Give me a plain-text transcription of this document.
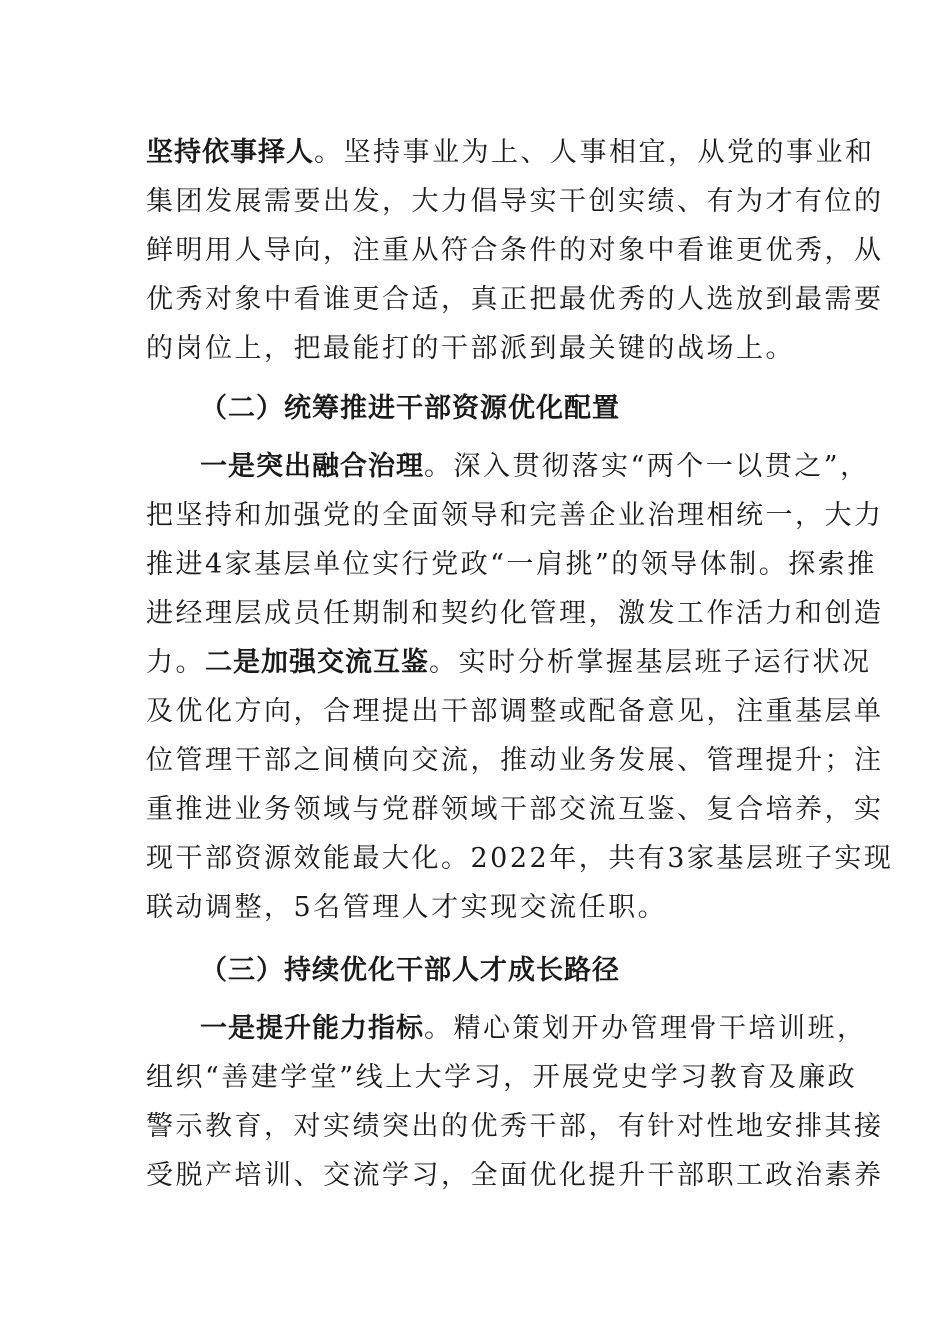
坚持依事择人。坚持事业为上、人事相宜，从党的事业和
集团发展需要出发，大力倡导实干创实绩、有为才有位的
鲜明用人导向，注重从符合条件的对象中看谁更优秀，从
优秀对象中看谁更合适，真正把最优秀的人选放到最需要
的岗位上，把最能打的干部派到最关键的战场上。
（二）统筹推进干部资源优化配置
一是突出融合治理。深入贯彻落实“两个一以贯之”，
把坚持和加强党的全面领导和完善企业治理相统一，大力
推进4家基层单位实行党政“一肩挑”的领导体制。探索推
进经理层成员任期制和契约化管理，激发工作活力和创造
力。二是加强交流互鉴。实时分析掌握基层班子运行状况
及优化方向，合理提出干部调整或配备意见，注重基层单
位管理干部之间横向交流，推动业务发展、管理提升；注
重推进业务领域与党群领域干部交流互鉴、复合培养，实
现干部资源效能最大化。2022年，共有3家基层班子实现
联动调整，5名管理人才实现交流任职。
（三）持续优化干部人才成长路径
一是提升能力指标。精心策划开办管理骨干培训班，
组织“善建学堂”线上大学习，开展党史学习教育及廉政
警示教育，对实绩突出的优秀干部，有针对性地安排其接
受脱产培训、交流学习，全面优化提升干部职工政治素养
